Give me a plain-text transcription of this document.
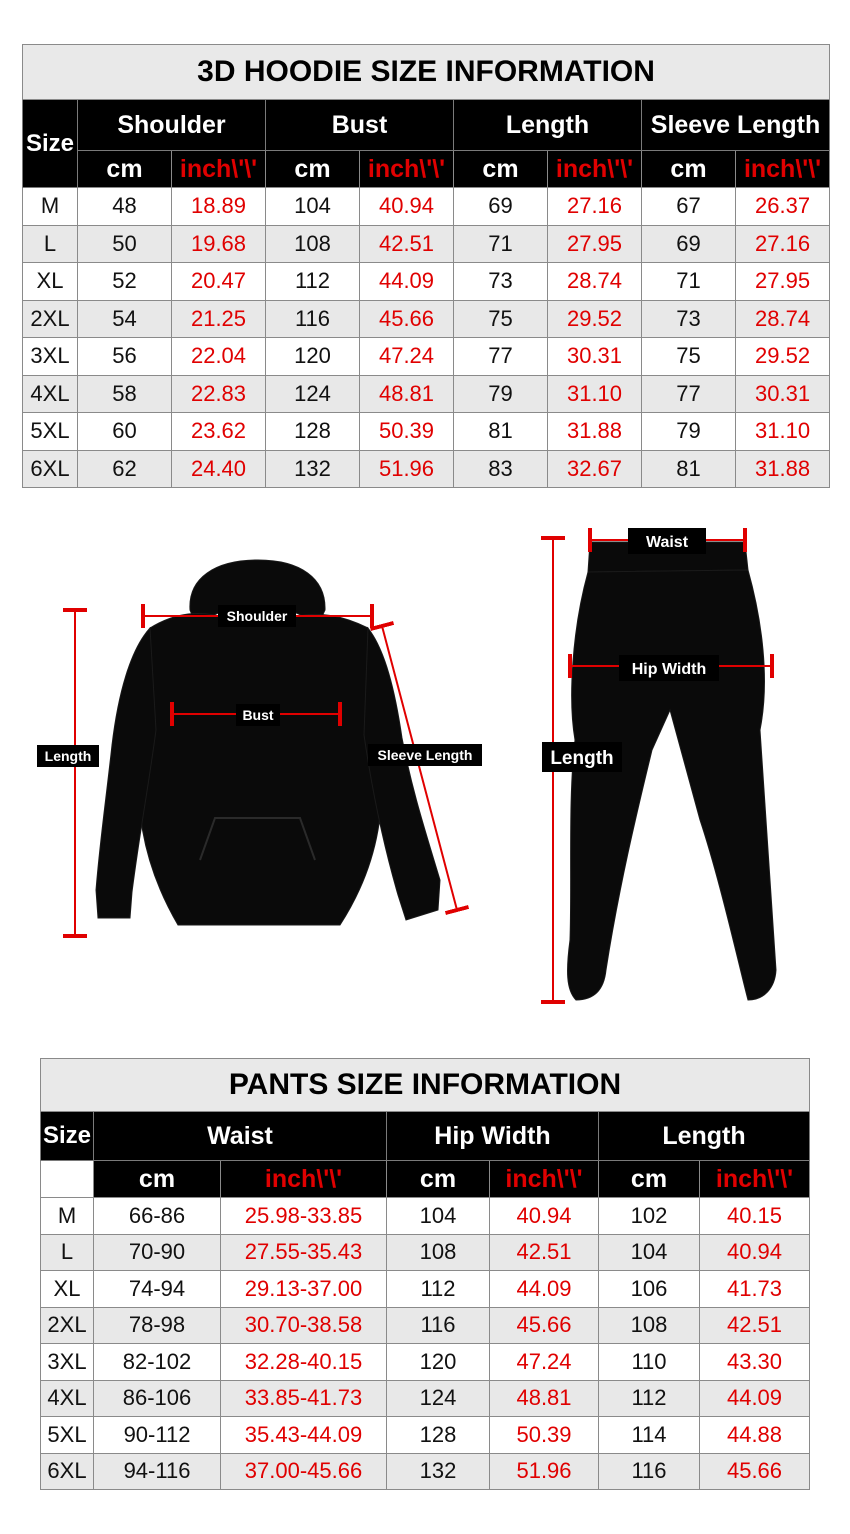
3D HOODIE SIZE INFORMATION								
Size	Shoulder		Bust		Length		Sleeve Length	
	cm	inch\'\'	cm	inch\'\'	cm	inch\'\'	cm	inch\'\'
M	48	18.89	104	40.94	69	27.16	67	26.37
L	50	19.68	108	42.51	71	27.95	69	27.16
XL	52	20.47	112	44.09	73	28.74	71	27.95
2XL	54	21.25	116	45.66	75	29.52	73	28.74
3XL	56	22.04	120	47.24	77	30.31	75	29.52
4XL	58	22.83	124	48.81	79	31.10	77	30.31
5XL	60	23.62	128	50.39	81	31.88	79	31.10
6XL	62	24.40	132	51.96	83	32.67	81	31.88
Shoulder
Bust
Length	Sleeve Length
Waist
Hip Width
Length
PANTS SIZE INFORMATION						
Size	Waist		Hip Width		Length	
	cm	inch\'\'	cm	inch\'\'	cm	inch\'\'
M	66-86	25.98-33.85	104	40.94	102	40.15
L	70-90	27.55-35.43	108	42.51	104	40.94
XL	74-94	29.13-37.00	112	44.09	106	41.73
2XL	78-98	30.70-38.58	116	45.66	108	42.51
3XL	82-102	32.28-40.15	120	47.24	110	43.30
4XL	86-106	33.85-41.73	124	48.81	112	44.09
5XL	90-112	35.43-44.09	128	50.39	114	44.88
6XL	94-116	37.00-45.66	132	51.96	116	45.66
